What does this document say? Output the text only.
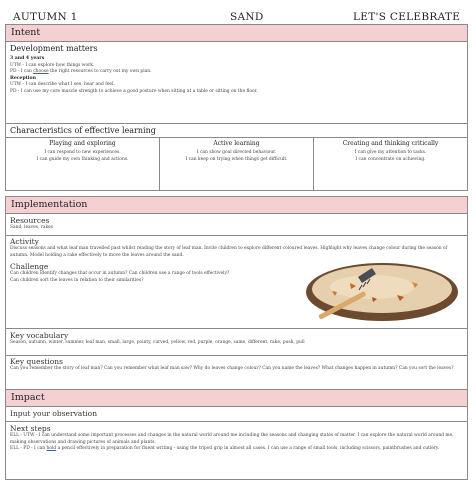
AUTUMN 1	SAND	LET'S CELEBRATE
Intent
Development matters
3 and 4 years
UTW - I can explore how things work.
PD - I can choose the right resources to carry out my own plan.
Reception
UTW - I can describe what I see, hear and feel.
PD - I can use my core muscle strength to achieve a good posture when sitting at a table or sitting on the floor.
Characteristics of effective learning
Playing and exploring
I can respond to new experiences.
I can guide my own thinking and actions.
Active learning
I can show goal directed behaviour.
I can keep on trying when things get difficult.
Creating and thinking critically
I can give my attention to tasks.
I can concentrate on achieving.
Implementation
Resources
Sand, leaves, rakes
Activity
Discuss seasons and what leaf man travelled past whilst reading the story of leaf man. Invite children to explore different coloured leaves. Highlight why leaves change colour during the season of autumn. Model holding a rake effectively to move the leaves around the sand.
Challenge
Can children identify changes that occur in autumn? Can children use a range of tools effectively?
Can children sort the leaves in relation to their similarities?
Key vocabulary
Season, autumn, winter, summer, leaf man, small, large, pointy, curved, yellow, red, purple, orange, same, different, rake, push, pull
Key questions
Can you remember the story of leaf man? Can you remember what leaf man saw? Why do leaves change colour? Can you name the leaves? What changes happen in autumn? Can you sort the leaves?
Impact
Input your observation
Next steps
ELL - UTW - I can understand some important processes and changes in the natural world around me including the seasons and changing states of matter. I can explore the natural world around me, making observations and drawing pictures of animals and plants.
ELL - PD - I can hold a pencil effectively in preparation for fluent writing - using the tripod grip in almost all cases. I can use a range of small tools, including scissors, paintbrushes and cutlery.
